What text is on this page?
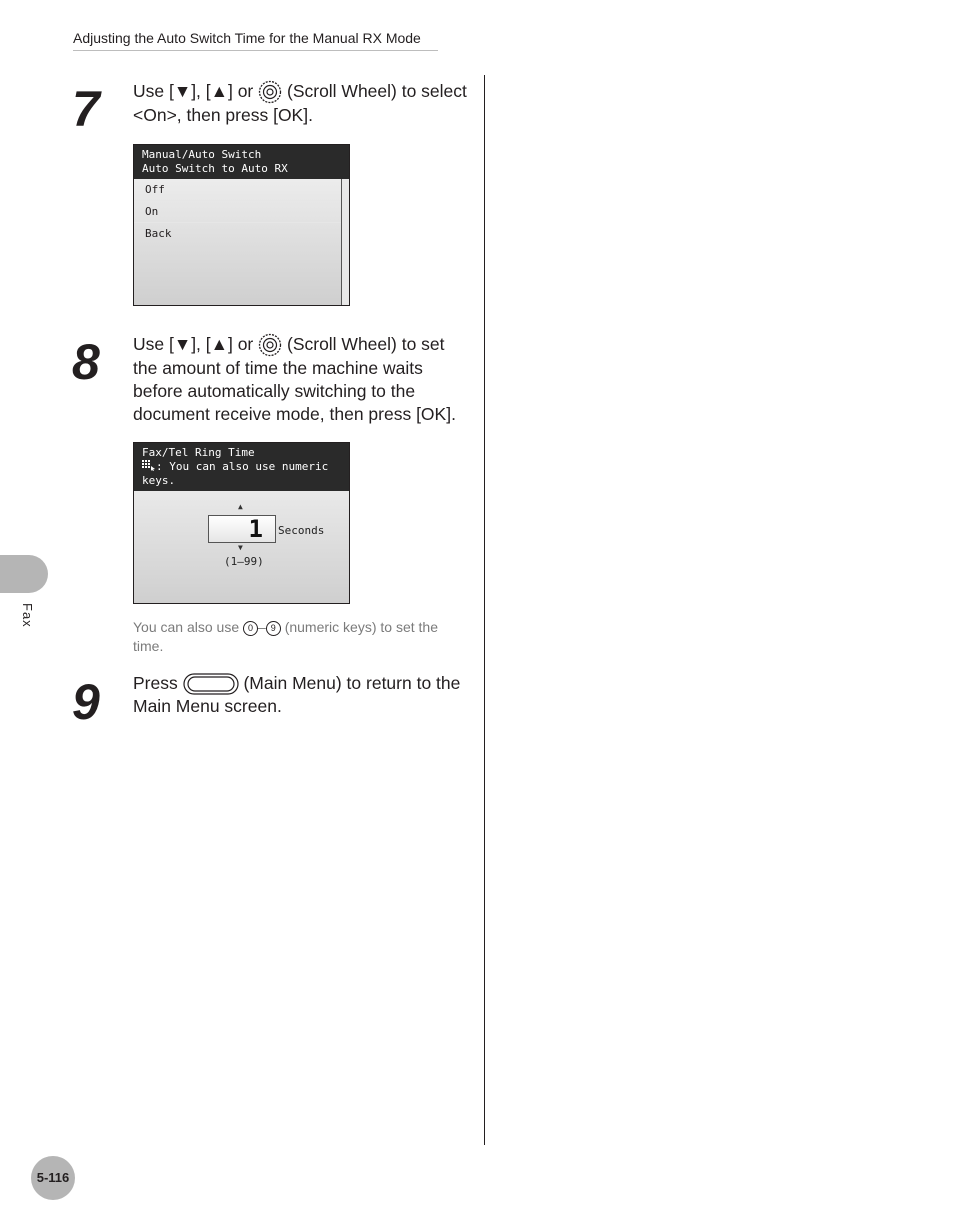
Adjusting the Auto Switch Time for the Manual RX Mode
Fax
7 Use [▼], [▲] or  (Scroll Wheel) to select <On>, then press [OK].
Manual/Auto Switch
Auto Switch to Auto RX
Off
On
Back
8 Use [▼], [▲] or  (Scroll Wheel) to set the amount of time the machine waits before automatically switching to the document receive mode, then press [OK].
Fax/Tel Ring Time
: You can also use numeric keys.
▲
1 Seconds
▼
(1–99)
You can also use 0 – 9 (numeric keys) to set the time.
9 Press	(Main Menu) to return to the Main Menu screen.
5-116
